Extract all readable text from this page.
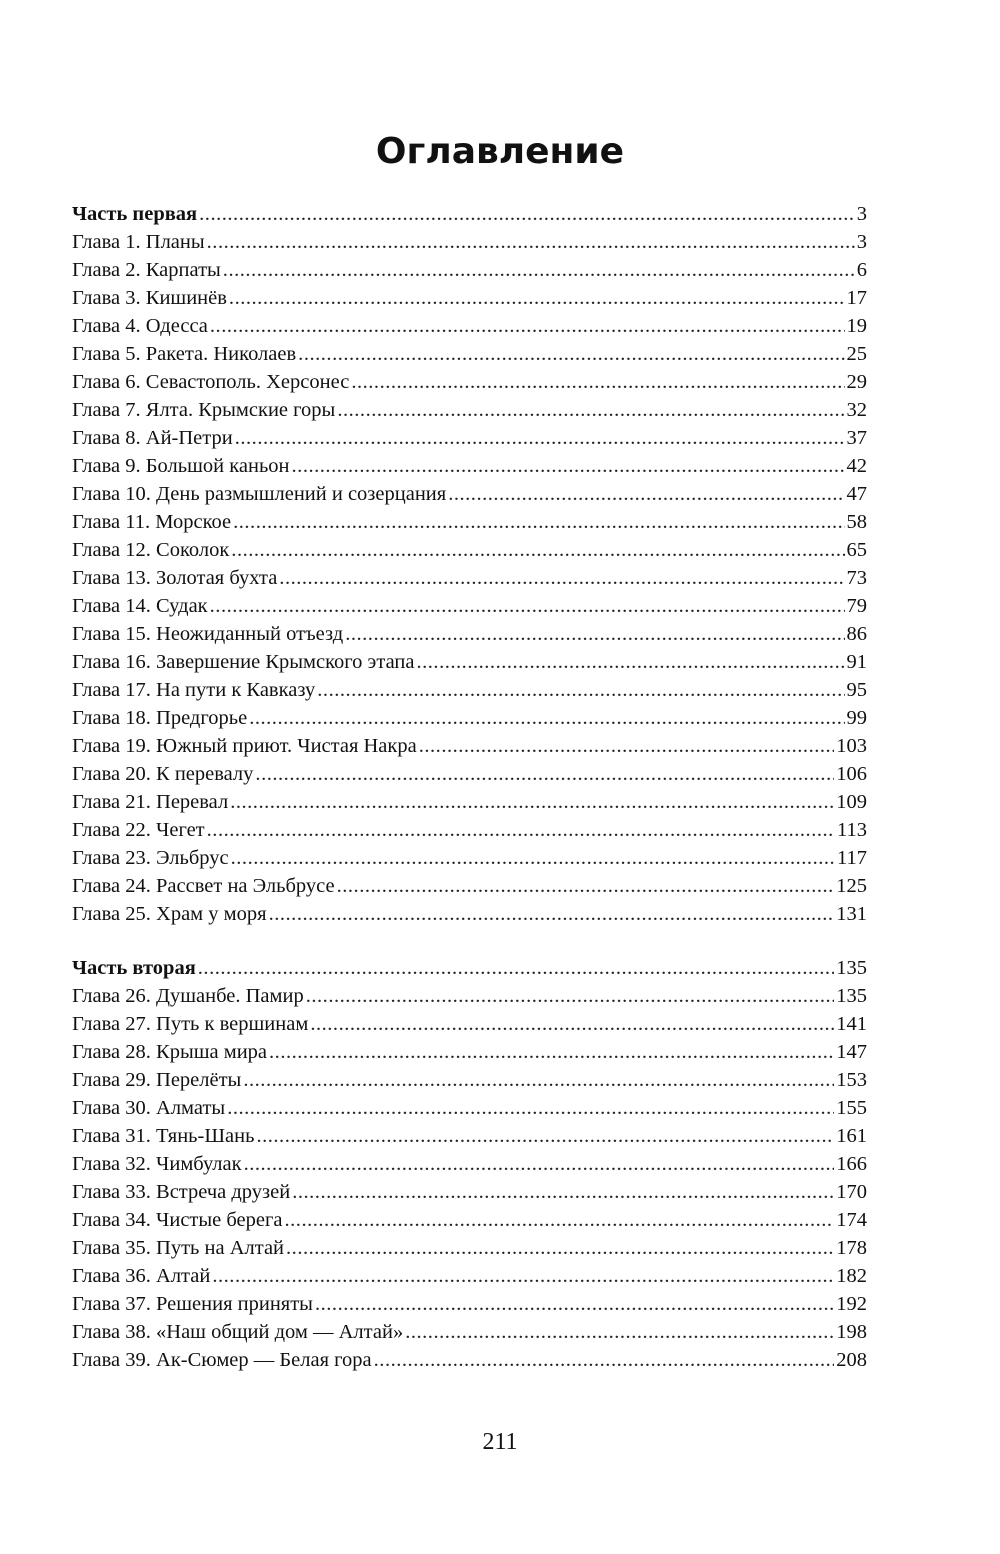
Оглавление
Часть первая . . .	3
Глава 1. Планы . . .	3
Глава 2. Карпаты . . .	6
Глава 3. Кишинёв . . .	17
Глава 4. Одесса . . .	19
Глава 5. Ракета. Николаев . . .	25
Глава 6. Севастополь. Херсонес . . .	29
Глава 7. Ялта. Крымские горы . . .	32
Глава 8. Ай-Петри . . .	37
Глава 9. Большой каньон . . .	42
Глава 10. День размышлений и созерцания . . .	47
Глава 11. Морское . . .	58
Глава 12. Соколок . . .	65
Глава 13. Золотая бухта . . .	73
Глава 14. Судак . . .	79
Глава 15. Неожиданный отъезд . . .	86
Глава 16. Завершение Крымского этапа . . .	91
Глава 17. На пути к Кавказу . . .	95
Глава 18. Предгорье . . .	99
Глава 19. Южный приют. Чистая Накра . . .	103
Глава 20. К перевалу . . .	106
Глава 21. Перевал . . .	109
Глава 22. Чегет . . .	113
Глава 23. Эльбрус . . .	117
Глава 24. Рассвет на Эльбрусе . . .	125
Глава 25. Храм у моря . . .	131
Часть вторая . . .	135
Глава 26. Душанбе. Памир . . .	135
Глава 27. Путь к вершинам . . .	141
Глава 28. Крыша мира . . .	147
Глава 29. Перелёты . . .	153
Глава 30. Алматы . . .	155
Глава 31. Тянь-Шань . . .	161
Глава 32. Чимбулак . . .	166
Глава 33. Встреча друзей . . .	170
Глава 34. Чистые берега . . .	174
Глава 35. Путь на Алтай . . .	178
Глава 36. Алтай . . .	182
Глава 37. Решения приняты . . .	192
Глава 38. «Наш общий дом — Алтай» . . .	198
Глава 39. Ак-Сюмер — Белая гора . . .	208
211
